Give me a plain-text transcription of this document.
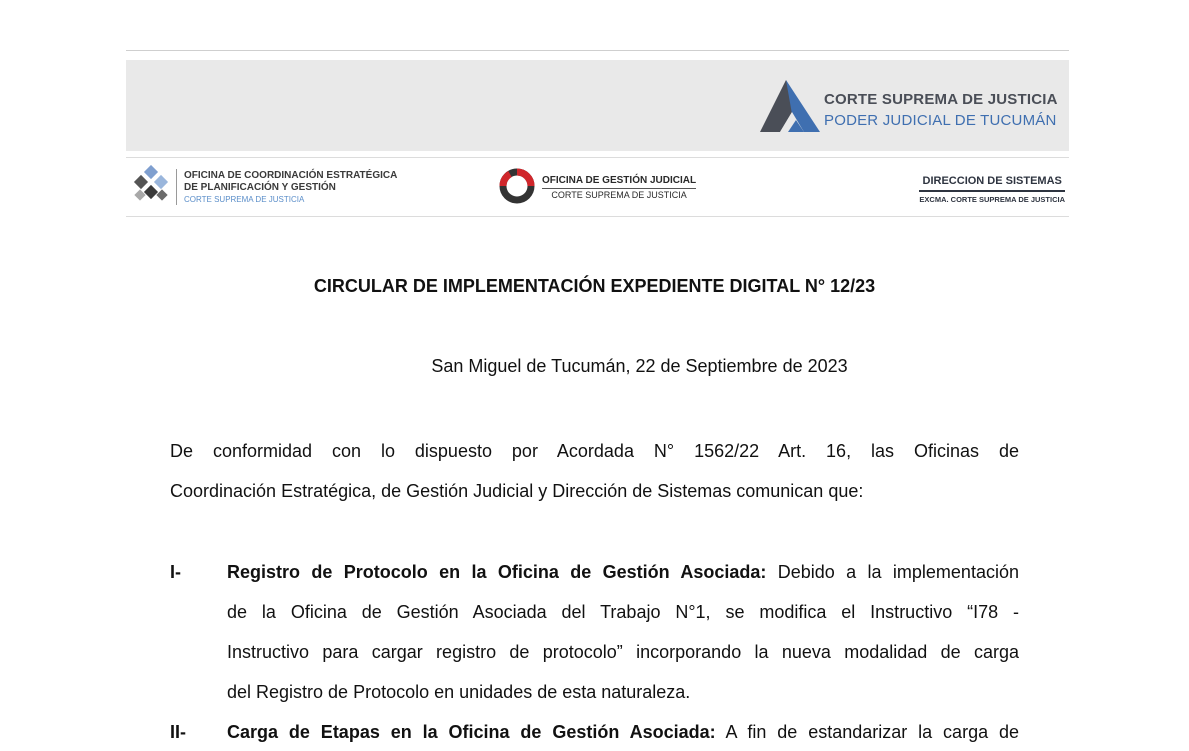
CORTE SUPREMA DE JUSTICIA
PODER JUDICIAL DE TUCUMÁN
OFICINA DE COORDINACIÓN ESTRATÉGICA
DE PLANIFICACIÓN Y GESTIÓN
CORTE SUPREMA DE JUSTICIA
OFICINA DE GESTIÓN JUDICIAL
CORTE SUPREMA DE JUSTICIA
DIRECCION DE SISTEMAS
EXCMA. CORTE SUPREMA DE JUSTICIA
CIRCULAR DE IMPLEMENTACIÓN EXPEDIENTE DIGITAL N° 12/23
San Miguel de Tucumán, 22 de Septiembre de 2023
De conformidad con lo dispuesto por Acordada N° 1562/22 Art. 16, las Oficinas de
Coordinación Estratégica, de Gestión Judicial y Dirección de Sistemas comunican que:
I-	Registro de Protocolo en la Oficina de Gestión Asociada: Debido a la implementación
de la Oficina de Gestión Asociada del Trabajo N°1, se modifica el Instructivo “I78 -
Instructivo para cargar registro de protocolo” incorporando la nueva modalidad de carga
del Registro de Protocolo en unidades de esta naturaleza.
II- Carga de Etapas en la Oficina de Gestión Asociada: A fin de estandarizar la carga de
